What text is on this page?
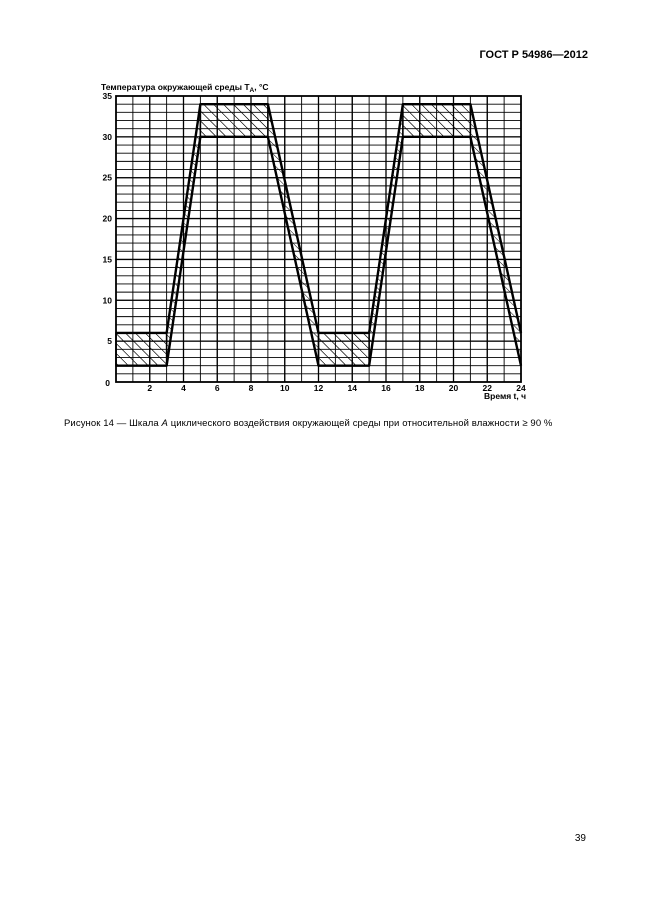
ГОСТ Р 54986—2012
2	4	6	8	10	12	14	16	18	20	22	24
5
10
15
20
25
30
35
0
Температура окружающей среды $T_A$, °С
Время t, ч
Рисунок 14 — Шкала A циклического воздействия окружающей среды при относительной влажности ≥ 90 %
39
